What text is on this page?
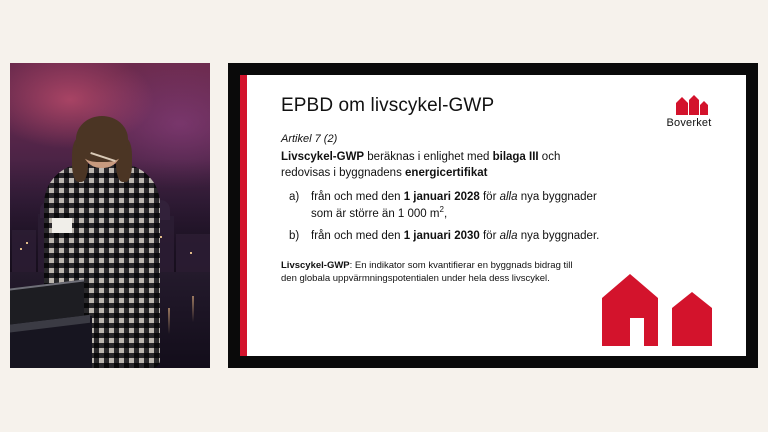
Boverket
EPBD om livscykel-GWP

Artikel 7 (2)

Livscykel-GWP beräknas i enlighet med bilaga III och redovisas i byggnadens energicertifikat

a)	från och med den 1 januari 2028 för alla nya byggnader som är större än 1 000 $m^2$,
b)	från och med den 1 januari 2030 för alla nya byggnader.

Livscykel-GWP: En indikator som kvantifierar en byggnads bidrag till den globala uppvärmningspotentialen under hela dess livscykel.
